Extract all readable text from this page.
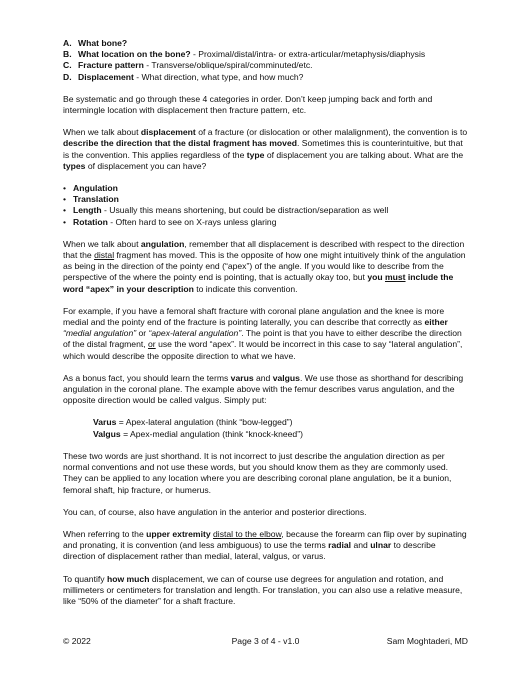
A. What bone?
B. What location on the bone? - Proximal/distal/intra- or extra-articular/metaphysis/diaphysis
C. Fracture pattern - Transverse/oblique/spiral/comminuted/etc.
D. Displacement - What direction, what type, and how much?

Be systematic and go through these 4 categories in order. Don’t keep jumping back and forth and intermingle location with displacement then fracture pattern, etc.

When we talk about displacement of a fracture (or dislocation or other malalignment), the convention is to describe the direction that the distal fragment has moved. Sometimes this is counterintuitive, but that is the convention. This applies regardless of the type of displacement you are talking about. What are the types of displacement you can have?

• Angulation
• Translation
• Length - Usually this means shortening, but could be distraction/separation as well
• Rotation - Often hard to see on X-rays unless glaring

When we talk about angulation, remember that all displacement is described with respect to the direction that the distal fragment has moved. This is the opposite of how one might intuitively think of the angulation as being in the direction of the pointy end (“apex”) of the angle. If you would like to describe from the perspective of the where the pointy end is pointing, that is actually okay too, but you must include the word “apex” in your description to indicate this convention.

For example, if you have a femoral shaft fracture with coronal plane angulation and the knee is more medial and the pointy end of the fracture is pointing laterally, you can describe that correctly as either “medial angulation” or “apex-lateral angulation”. The point is that you have to either describe the direction of the distal fragment, or use the word “apex”. It would be incorrect in this case to say “lateral angulation”, which would describe the opposite direction to what we have.

As a bonus fact, you should learn the terms varus and valgus. We use those as shorthand for describing angulation in the coronal plane. The example above with the femur describes varus angulation, and the opposite direction would be called valgus. Simply put:

Varus = Apex-lateral angulation (think “bow-legged”)
Valgus = Apex-medial angulation (think “knock-kneed”)

These two words are just shorthand. It is not incorrect to just describe the angulation direction as per normal conventions and not use these words, but you should know them as they are commonly used. They can be applied to any location where you are describing coronal plane angulation, be it a bunion, femoral shaft, hip fracture, or humerus.

You can, of course, also have angulation in the anterior and posterior directions.

When referring to the upper extremity distal to the elbow, because the forearm can flip over by supinating and pronating, it is convention (and less ambiguous) to use the terms radial and ulnar to describe direction of displacement rather than medial, lateral, valgus, or varus.

To quantify how much displacement, we can of course use degrees for angulation and rotation, and millimeters or centimeters for translation and length. For translation, you can also use a relative measure, like “50% of the diameter” for a shaft fracture.

© 2022	Page 3 of 4 - v1.0	Sam Moghtaderi, MD
